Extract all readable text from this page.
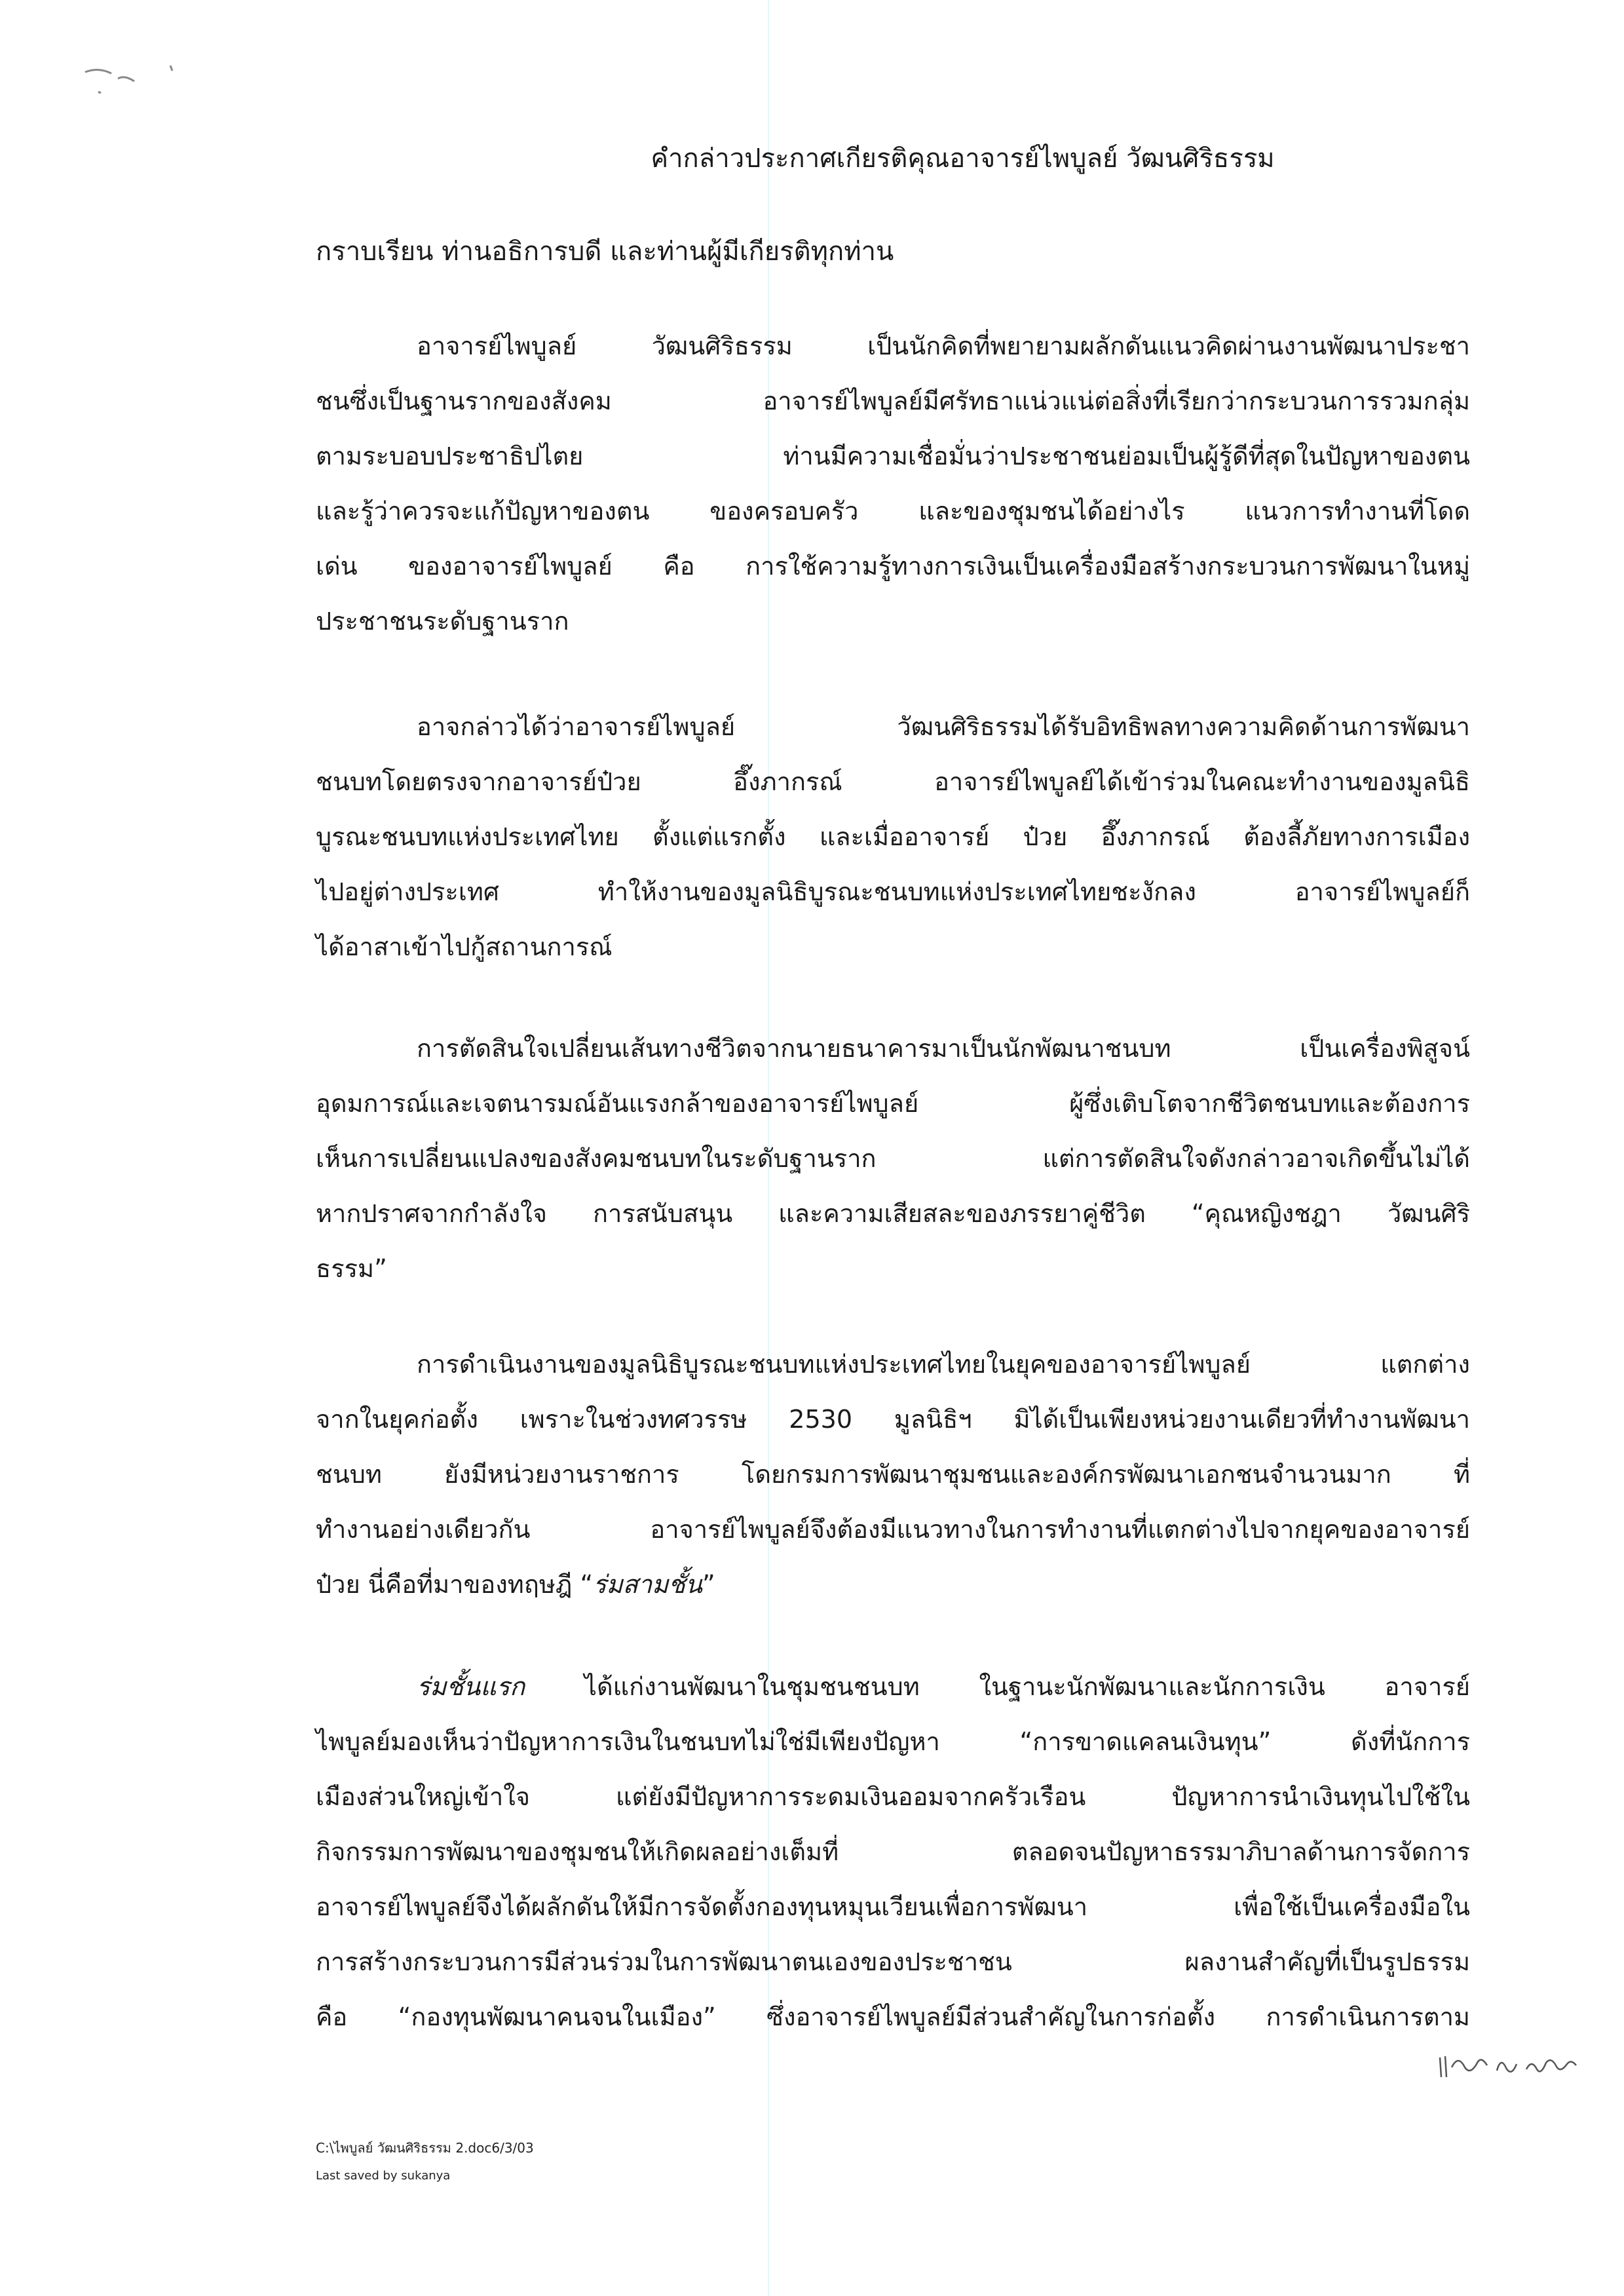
คำกล่าวประกาศเกียรติคุณอาจารย์ไพบูลย์ วัฒนศิริธรรม
กราบเรียน ท่านอธิการบดี และท่านผู้มีเกียรติทุกท่าน
อาจารย์ไพบูลย์ วัฒนศิริธรรม เป็นนักคิดที่พยายามผลักดันแนวคิดผ่านงานพัฒนาประชา
ชนซึ่งเป็นฐานรากของสังคม อาจารย์ไพบูลย์มีศรัทธาแน่วแน่ต่อสิ่งที่เรียกว่ากระบวนการรวมกลุ่ม
ตามระบอบประชาธิปไตย ท่านมีความเชื่อมั่นว่าประชาชนย่อมเป็นผู้รู้ดีที่สุดในปัญหาของตน
และรู้ว่าควรจะแก้ปัญหาของตน ของครอบครัว และของชุมชนได้อย่างไร แนวการทำงานที่โดด
เด่น ของอาจารย์ไพบูลย์ คือ การใช้ความรู้ทางการเงินเป็นเครื่องมือสร้างกระบวนการพัฒนาในหมู่
ประชาชนระดับฐานราก
อาจกล่าวได้ว่าอาจารย์ไพบูลย์ วัฒนศิริธรรมได้รับอิทธิพลทางความคิดด้านการพัฒนา
ชนบทโดยตรงจากอาจารย์ป๋วย อึ๊งภากรณ์ อาจารย์ไพบูลย์ได้เข้าร่วมในคณะทำงานของมูลนิธิ
บูรณะชนบทแห่งประเทศไทย ตั้งแต่แรกตั้ง และเมื่ออาจารย์ ป๋วย อึ๊งภากรณ์ ต้องลี้ภัยทางการเมือง
ไปอยู่ต่างประเทศ ทำให้งานของมูลนิธิบูรณะชนบทแห่งประเทศไทยชะงักลง อาจารย์ไพบูลย์ก็
ได้อาสาเข้าไปกู้สถานการณ์
การตัดสินใจเปลี่ยนเส้นทางชีวิตจากนายธนาคารมาเป็นนักพัฒนาชนบท เป็นเครื่องพิสูจน์
อุดมการณ์และเจตนารมณ์อันแรงกล้าของอาจารย์ไพบูลย์ ผู้ซึ่งเติบโตจากชีวิตชนบทและต้องการ
เห็นการเปลี่ยนแปลงของสังคมชนบทในระดับฐานราก แต่การตัดสินใจดังกล่าวอาจเกิดขึ้นไม่ได้
หากปราศจากกำลังใจ การสนับสนุน และความเสียสละของภรรยาคู่ชีวิต “คุณหญิงชฎา วัฒนศิริ
ธรรม”
การดำเนินงานของมูลนิธิบูรณะชนบทแห่งประเทศไทยในยุคของอาจารย์ไพบูลย์ แตกต่าง
จากในยุคก่อตั้ง เพราะในช่วงทศวรรษ 2530 มูลนิธิฯ มิได้เป็นเพียงหน่วยงานเดียวที่ทำงานพัฒนา
ชนบท ยังมีหน่วยงานราชการ โดยกรมการพัฒนาชุมชนและองค์กรพัฒนาเอกชนจำนวนมาก ที่
ทำงานอย่างเดียวกัน อาจารย์ไพบูลย์จึงต้องมีแนวทางในการทำงานที่แตกต่างไปจากยุคของอาจารย์
ป๋วย นี่คือที่มาของทฤษฎี “ร่มสามชั้น”
ร่มชั้นแรก ได้แก่งานพัฒนาในชุมชนชนบท ในฐานะนักพัฒนาและนักการเงิน อาจารย์
ไพบูลย์มองเห็นว่าปัญหาการเงินในชนบทไม่ใช่มีเพียงปัญหา “การขาดแคลนเงินทุน” ดังที่นักการ
เมืองส่วนใหญ่เข้าใจ แต่ยังมีปัญหาการระดมเงินออมจากครัวเรือน ปัญหาการนำเงินทุนไปใช้ใน
กิจกรรมการพัฒนาของชุมชนให้เกิดผลอย่างเต็มที่ ตลอดจนปัญหาธรรมาภิบาลด้านการจัดการ
อาจารย์ไพบูลย์จึงได้ผลักดันให้มีการจัดตั้งกองทุนหมุนเวียนเพื่อการพัฒนา เพื่อใช้เป็นเครื่องมือใน
การสร้างกระบวนการมีส่วนร่วมในการพัฒนาตนเองของประชาชน ผลงานสำคัญที่เป็นรูปธรรม
คือ “กองทุนพัฒนาคนจนในเมือง” ซึ่งอาจารย์ไพบูลย์มีส่วนสำคัญในการก่อตั้ง การดำเนินการตาม
C:\ไพบูลย์ วัฒนศิริธรรม 2.doc6/3/03
Last saved by sukanya
